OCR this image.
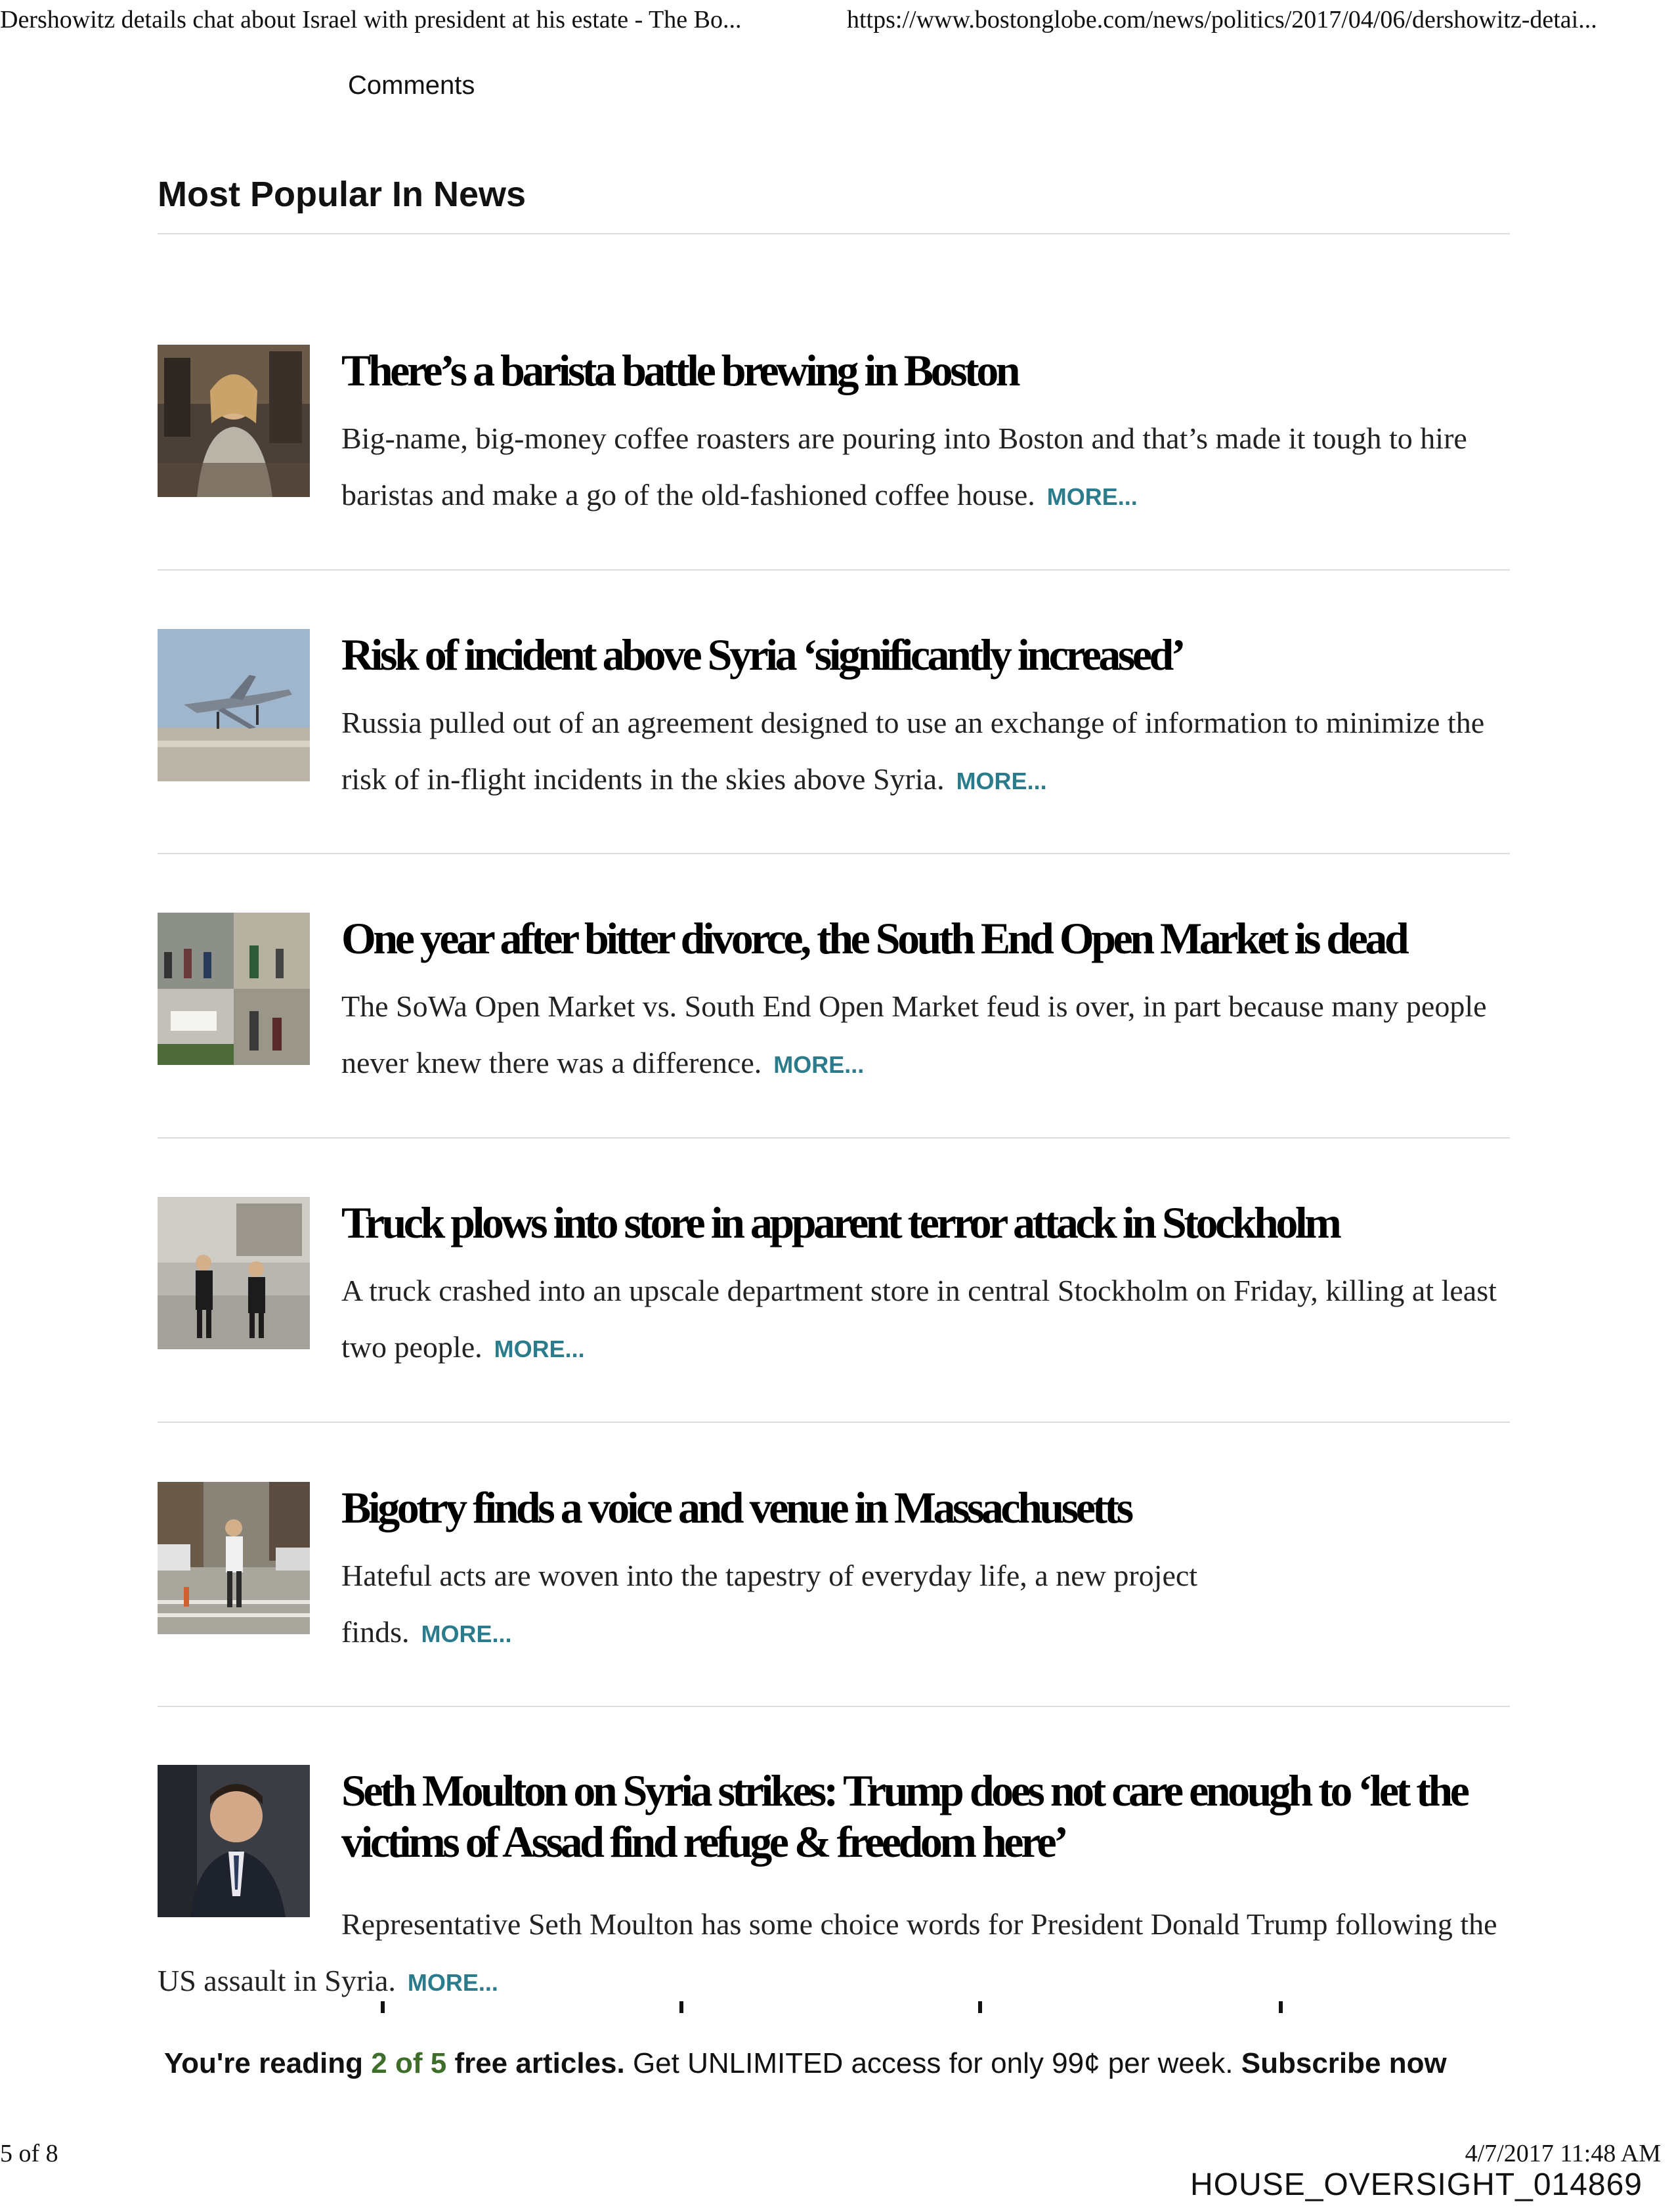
Dershowitz details chat about Israel with president at his estate - The Bo...	https://www.bostonglobe.com/news/politics/2017/04/06/dershowitz-detai...
Comments
Most Popular In News
There’s a barista battle brewing in Boston
Big-name, big-money coffee roasters are pouring into Boston and that’s made it tough to hire baristas and make a go of the old-fashioned coffee house. MORE...
Risk of incident above Syria ‘significantly increased’
Russia pulled out of an agreement designed to use an exchange of information to minimize the risk of in-flight incidents in the skies above Syria. MORE...
One year after bitter divorce, the South End Open Market is dead
The SoWa Open Market vs. South End Open Market feud is over, in part because many people never knew there was a difference. MORE...
Truck plows into store in apparent terror attack in Stockholm
A truck crashed into an upscale department store in central Stockholm on Friday, killing at least two people. MORE...
Bigotry finds a voice and venue in Massachusetts
Hateful acts are woven into the tapestry of everyday life, a new project finds. MORE...
Seth Moulton on Syria strikes: Trump does not care enough to ‘let the victims of Assad find refuge & freedom here’
Representative Seth Moulton has some choice words for President Donald Trump following the US assault in Syria. MORE...
You're reading 2 of 5 free articles. Get UNLIMITED access for only 99¢ per week. Subscribe now
5 of 8	4/7/2017 11:48 AM
HOUSE_OVERSIGHT_014869
